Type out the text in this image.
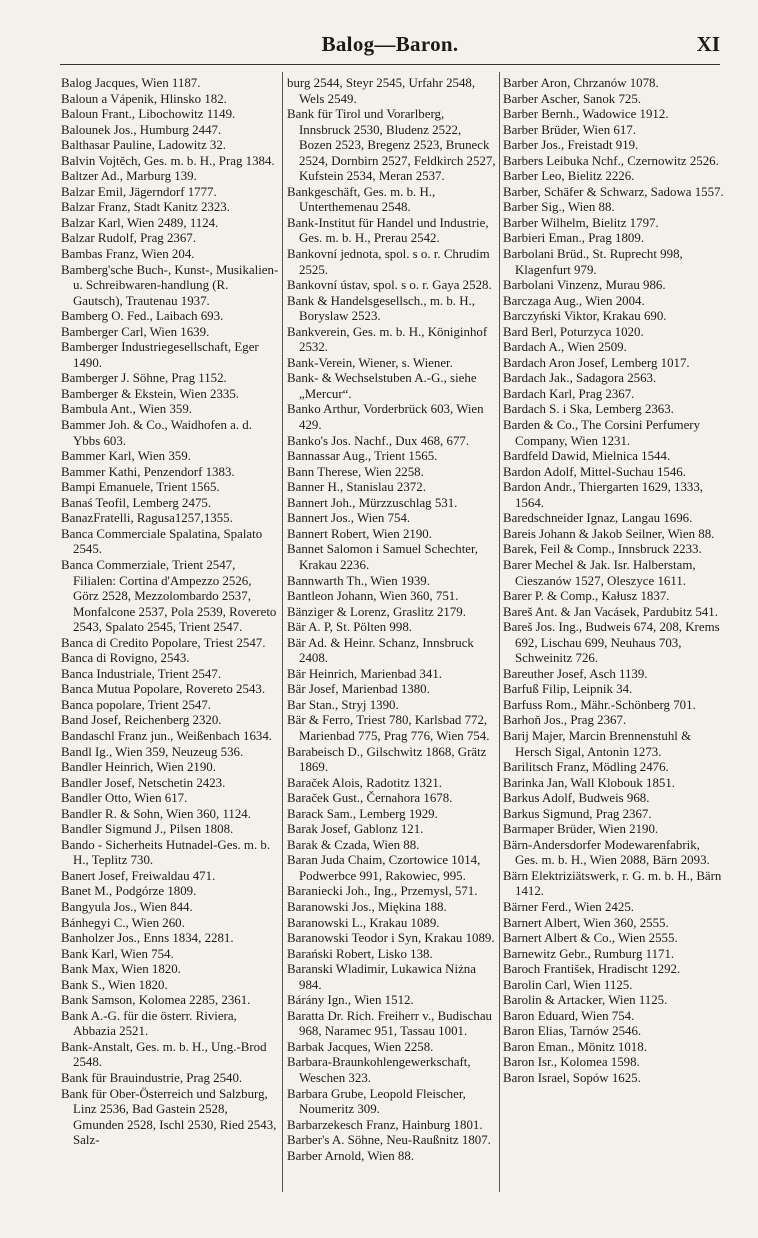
Balog—Baron.	XI
Balog Jacques, Wien 1187.
Baloun a Vápenik, Hlinsko 182.
Baloun Frant., Libochowitz 1149.
Balounek Jos., Humburg 2447.
Balthasar Pauline, Ladowitz 32.
Balvin Vojtěch, Ges. m. b. H., Prag 1384.
Baltzer Ad., Marburg 139.
Balzar Emil, Jägerndorf 1777.
Balzar Franz, Stadt Kanitz 2323.
Balzar Karl, Wien 2489, 1124.
Balzar Rudolf, Prag 2367.
Bambas Franz, Wien 204.
Bamberg'sche Buch-, Kunst-, Musikalien- u. Schreibwaren-handlung (R. Gautsch), Trautenau 1937.
Bamberg O. Fed., Laibach 693.
Bamberger Carl, Wien 1639.
Bamberger Industriegesellschaft, Eger 1490.
Bamberger J. Söhne, Prag 1152.
Bamberger & Ekstein, Wien 2335.
Bambula Ant., Wien 359.
Bammer Joh. & Co., Waidhofen a. d. Ybbs 603.
Bammer Karl, Wien 359.
Bammer Kathi, Penzendorf 1383.
Bampi Emanuele, Trient 1565.
Banaś Teofil, Lemberg 2475.
BanazFratelli, Ragusa1257,1355.
Banca Commerciale Spalatina, Spalato 2545.
Banca Commerziale, Trient 2547, Filialen: Cortina d'Ampezzo 2526, Görz 2528, Mezzolombardo 2537, Monfalcone 2537, Pola 2539, Rovereto 2543, Spalato 2545, Trient 2547.
Banca di Credito Popolare, Triest 2547.
Banca di Rovigno, 2543.
Banca Industriale, Trient 2547.
Banca Mutua Popolare, Rovereto 2543.
Banca popolare, Trient 2547.
Band Josef, Reichenberg 2320.
Bandaschl Franz jun., Weißenbach 1634.
Bandl Ig., Wien 359, Neuzeug 536.
Bandler Heinrich, Wien 2190.
Bandler Josef, Netschetin 2423.
Bandler Otto, Wien 617.
Bandler R. & Sohn, Wien 360, 1124.
Bandler Sigmund J., Pilsen 1808.
Bando - Sicherheits Hutnadel-Ges. m. b. H., Teplitz 730.
Banert Josef, Freiwaldau 471.
Banet M., Podgórze 1809.
Bangyula Jos., Wien 844.
Bánhegyi C., Wien 260.
Banholzer Jos., Enns 1834, 2281.
Bank Karl, Wien 754.
Bank Max, Wien 1820.
Bank S., Wien 1820.
Bank Samson, Kolomea 2285, 2361.
Bank A.-G. für die österr. Riviera, Abbazia 2521.
Bank-Anstalt, Ges. m. b. H., Ung.-Brod 2548.
Bank für Brauindustrie, Prag 2540.
Bank für Ober-Österreich und Salzburg, Linz 2536, Bad Gastein 2528, Gmunden 2528, Ischl 2530, Ried 2543, Salz-
burg 2544, Steyr 2545, Urfahr 2548, Wels 2549.
Bank für Tirol und Vorarlberg, Innsbruck 2530, Bludenz 2522, Bozen 2523, Bregenz 2523, Bruneck 2524, Dornbirn 2527, Feldkirch 2527, Kufstein 2534, Meran 2537.
Bankgeschäft, Ges. m. b. H., Unterthemenau 2548.
Bank-Institut für Handel und Industrie, Ges. m. b. H., Prerau 2542.
Bankovní jednota, spol. s o. r. Chrudim 2525.
Bankovní ústav, spol. s o. r. Gaya 2528.
Bank & Handelsgesellsch., m. b. H., Boryslaw 2523.
Bankverein, Ges. m. b. H., Königinhof 2532.
Bank-Verein, Wiener, s. Wiener.
Bank- & Wechselstuben A.-G., siehe „Mercur“.
Banko Arthur, Vorderbrück 603, Wien 429.
Banko's Jos. Nachf., Dux 468, 677.
Bannassar Aug., Trient 1565.
Bann Therese, Wien 2258.
Banner H., Stanislau 2372.
Bannert Joh., Mürzzuschlag 531.
Bannert Jos., Wien 754.
Bannert Robert, Wien 2190.
Bannet Salomon i Samuel Schechter, Krakau 2236.
Bannwarth Th., Wien 1939.
Bantleon Johann, Wien 360, 751.
Bänziger & Lorenz, Graslitz 2179.
Bär A. P, St. Pölten 998.
Bär Ad. & Heinr. Schanz, Innsbruck 2408.
Bär Heinrich, Marienbad 341.
Bär Josef, Marienbad 1380.
Bar Stan., Stryj 1390.
Bär & Ferro, Triest 780, Karlsbad 772, Marienbad 775, Prag 776, Wien 754.
Barabeisch D., Gilschwitz 1868, Grätz 1869.
Baraček Alois, Radotitz 1321.
Baraček Gust., Černahora 1678.
Barack Sam., Lemberg 1929.
Barak Josef, Gablonz 121.
Barak & Czada, Wien 88.
Baran Juda Chaim, Czortowice 1014, Podwerbce 991, Rakowiec, 995.
Baraniecki Joh., Ing., Przemysl, 571.
Baranowski Jos., Miękina 188.
Baranowski L., Krakau 1089.
Baranowski Teodor i Syn, Krakau 1089.
Barański Robert, Lisko 138.
Baranski Wladimir, Lukawica Niżna 984.
Bárány Ign., Wien 1512.
Baratta Dr. Rich. Freiherr v., Budischau 968, Naramec 951, Tassau 1001.
Barbak Jacques, Wien 2258.
Barbara-Braunkohlengewerkschaft, Weschen 323.
Barbara Grube, Leopold Fleischer, Noumeritz 309.
Barbarzekesch Franz, Hainburg 1801.
Barber's A. Söhne, Neu-Raußnitz 1807.
Barber Arnold, Wien 88.
Barber Aron, Chrzanów 1078.
Barber Ascher, Sanok 725.
Barber Bernh., Wadowice 1912.
Barber Brüder, Wien 617.
Barber Jos., Freistadt 919.
Barbers Leibuka Nchf., Czernowitz 2526.
Barber Leo, Bielitz 2226.
Barber, Schäfer & Schwarz, Sadowa 1557.
Barber Sig., Wien 88.
Barber Wilhelm, Bielitz 1797.
Barbieri Eman., Prag 1809.
Barbolani Brüd., St. Ruprecht 998, Klagenfurt 979.
Barbolani Vinzenz, Murau 986.
Barczaga Aug., Wien 2004.
Barczyński Viktor, Krakau 690.
Bard Berl, Poturzyca 1020.
Bardach A., Wien 2509.
Bardach Aron Josef, Lemberg 1017.
Bardach Jak., Sadagora 2563.
Bardach Karl, Prag 2367.
Bardach S. i Ska, Lemberg 2363.
Barden & Co., The Corsini Perfumery Company, Wien 1231.
Bardfeld Dawid, Mielnica 1544.
Bardon Adolf, Mittel-Suchau 1546.
Bardon Andr., Thiergarten 1629, 1333, 1564.
Baredschneider Ignaz, Langau 1696.
Bareis Johann & Jakob Seilner, Wien 88.
Barek, Feil & Comp., Innsbruck 2233.
Barer Mechel & Jak. Isr. Halberstam, Cieszanów 1527, Oleszyce 1611.
Barer P. & Comp., Kałusz 1837.
Bareš Ant. & Jan Vacásek, Pardubitz 541.
Bareš Jos. Ing., Budweis 674, 208, Krems 692, Lischau 699, Neuhaus 703, Schweinitz 726.
Bareuther Josef, Asch 1139.
Barfuß Filip, Leipnik 34.
Barfuss Rom., Mähr.-Schönberg 701.
Barhoň Jos., Prag 2367.
Barij Majer, Marcin Brennenstuhl & Hersch Sigal, Antonin 1273.
Barilitsch Franz, Mödling 2476.
Barinka Jan, Wall Klobouk 1851.
Barkus Adolf, Budweis 968.
Barkus Sigmund, Prag 2367.
Barmaper Brüder, Wien 2190.
Bärn-Andersdorfer Modewarenfabrik, Ges. m. b. H., Wien 2088, Bärn 2093.
Bärn Elektriziätswerk, r. G. m. b. H., Bärn 1412.
Bärner Ferd., Wien 2425.
Barnert Albert, Wien 360, 2555.
Barnert Albert & Co., Wien 2555.
Barnewitz Gebr., Rumburg 1171.
Baroch František, Hradischt 1292.
Barolin Carl, Wien 1125.
Barolin & Artacker, Wien 1125.
Baron Eduard, Wien 754.
Baron Elias, Tarnów 2546.
Baron Eman., Mönitz 1018.
Baron Isr., Kolomea 1598.
Baron Israel, Sopów 1625.
